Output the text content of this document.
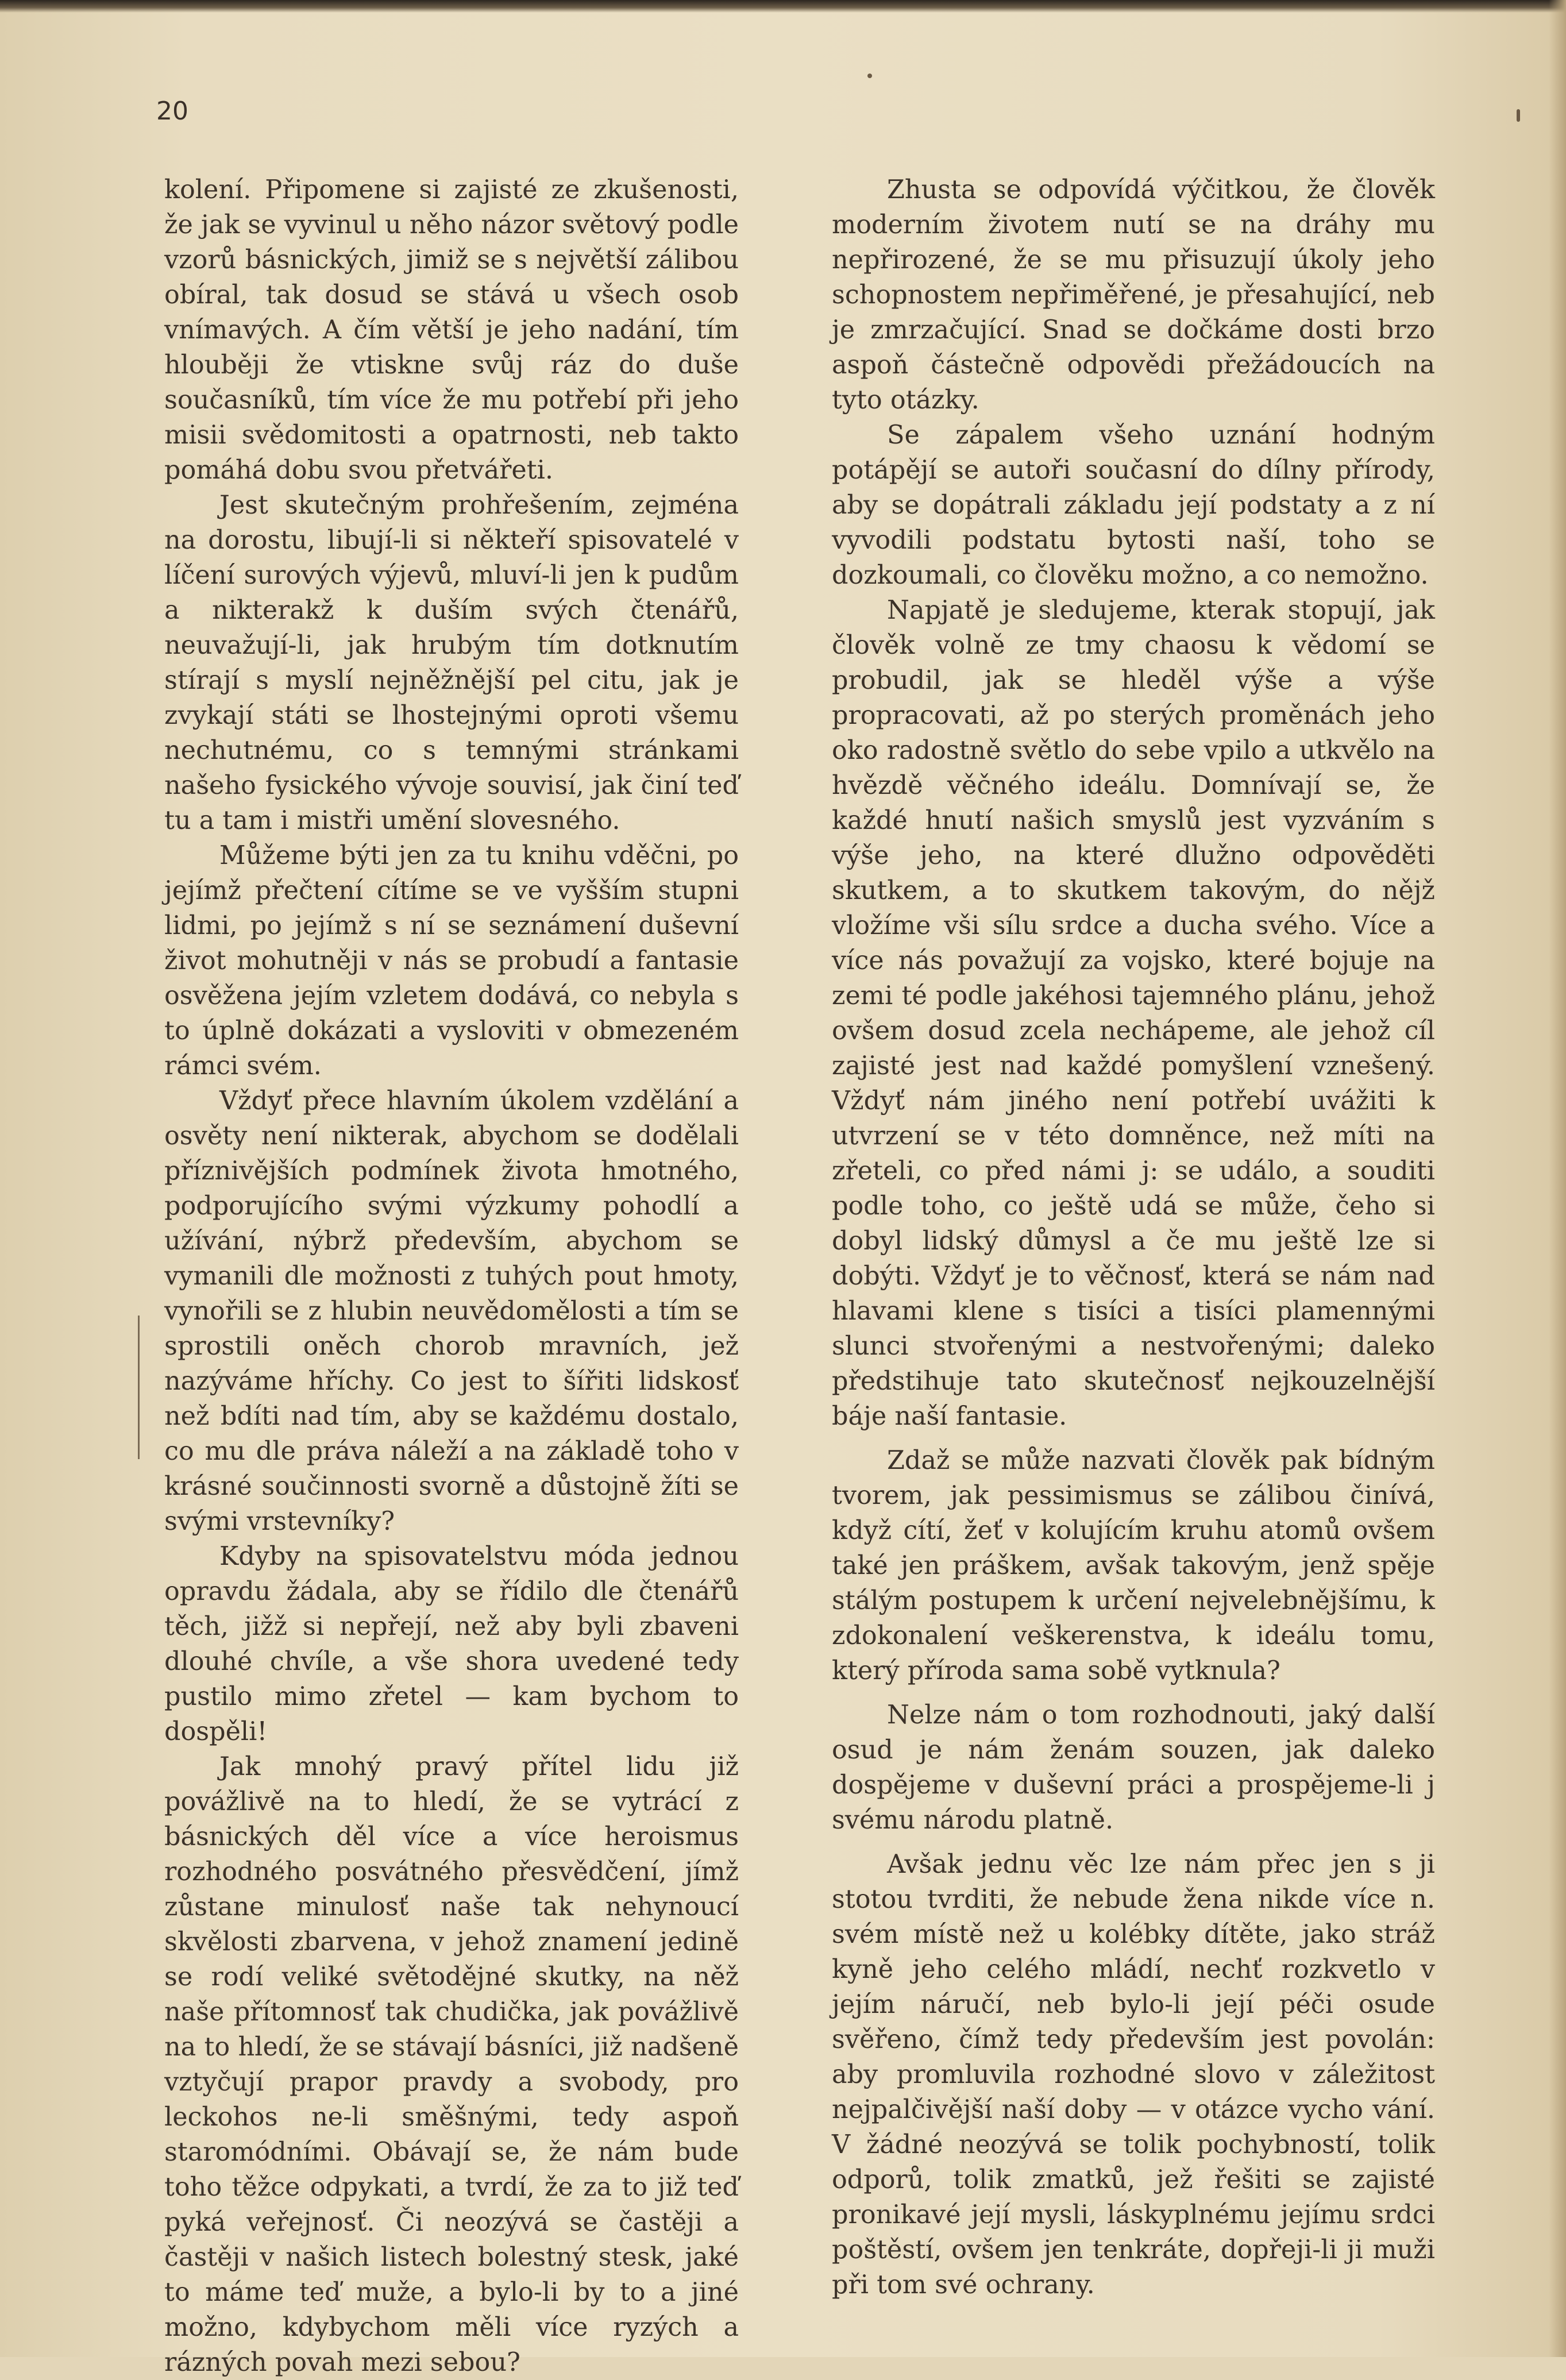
20

kolení. Připomene si zajisté ze zkušenosti, že jak se vyvinul u něho názor světový podle vzorů básnických, jimiž se s největší zálibou obíral, tak dosud se stává u všech osob vnímavých. A čím větší je jeho nadání, tím hlouběji že vtiskne svůj ráz do duše současníků, tím více že mu potřebí při jeho misii svědomitosti a opatrnosti, neb takto pomáhá dobu svou přetvářeti.

Jest skutečným prohřešením, zejména na dorostu, libují-li si někteří spisovatelé v líčení surových výjevů, mluví-li jen k pudům a nikterakž k duším svých čtenářů, neuvažují-li, jak hrubým tím dotknutím stírají s myslí nejněžnější pel citu, jak je zvykají státi se lhostejnými oproti všemu nechutnému, co s temnými stránkami našeho fysického vývoje souvisí, jak činí teď tu a tam i mistři umění slovesného.

Můžeme býti jen za tu knihu vděčni, po jejímž přečtení cítíme se ve vyšším stupni lidmi, po jejímž s ní se seznámení duševní život mohutněji v nás se probudí a fantasie osvěžena jejím vzletem dodává, co nebyla s to úplně dokázati a vysloviti v obmezeném rámci svém.

Vždyť přece hlavním úkolem vzdělání a osvěty není nikterak, abychom se dodělali příznivějších podmínek života hmotného, podporujícího svými výzkumy pohodlí a užívání, nýbrž především, abychom se vymanili dle možnosti z tuhých pout hmoty, vynořili se z hlubin neuvědomělosti a tím se sprostili oněch chorob mravních, jež nazýváme hříchy. Co jest to šířiti lidskosť než bdíti nad tím, aby se každému dostalo, co mu dle práva náleží a na základě toho v krásné součinnosti svorně a důstojně žíti se svými vrstevníky?

Kdyby na spisovatelstvu móda jednou opravdu žádala, aby se řídilo dle čtenářů těch, jižž si nepřejí, než aby byli zbaveni dlouhé chvíle, a vše shora uvedené tedy pustilo mimo zřetel — kam bychom to dospěli!

Jak mnohý pravý přítel lidu již povážlivě na to hledí, že se vytrácí z básnických děl více a více heroismus rozhodného posvátného přesvědčení, jímž zůstane minulosť naše tak nehynoucí skvělosti zbarvena, v jehož znamení jedině se rodí veliké světodějné skutky, na něž naše přítomnosť tak chudička, jak povážlivě na to hledí, že se stávají básníci, již nadšeně vztyčují prapor pravdy a svobody, pro leckohos ne-li směšnými, tedy aspoň staromódními. Obávají se, že nám bude toho těžce odpykati, a tvrdí, že za to již teď pyká veřejnosť. Či neozývá se častěji a častěji v našich listech bolestný stesk, jaké to máme teď muže, a bylo-li by to a jiné možno, kdybychom měli více ryzých a rázných povah mezi sebou?

Zhusta se odpovídá výčitkou, že člověk moderním životem nutí se na dráhy mu nepřirozené, že se mu přisuzují úkoly jeho schopnostem nepřiměřené, je přesahující, neb je zmrzačující. Snad se dočkáme dosti brzo aspoň částečně odpovědi přežádoucích na tyto otázky.

Se zápalem všeho uznání hodným potápějí se autoři současní do dílny přírody, aby se dopátrali základu její podstaty a z ní vyvodili podstatu bytosti naší, toho se dozkoumali, co člověku možno, a co nemožno.

Napjatě je sledujeme, kterak stopují, jak člověk volně ze tmy chaosu k vědomí se probudil, jak se hleděl výše a výše propracovati, až po sterých proměnách jeho oko radostně světlo do sebe vpilo a utkvělo na hvězdě věčného ideálu. Domnívají se, že každé hnutí našich smyslů jest vyzváním s výše jeho, na které dlužno odpověděti skutkem, a to skutkem takovým, do nějž vložíme vši sílu srdce a ducha svého. Více a více nás považují za vojsko, které bojuje na zemi té podle jakéhosi tajemného plánu, jehož ovšem dosud zcela nechápeme, ale jehož cíl zajisté jest nad každé pomyšlení vznešený. Vždyť nám jiného není potřebí uvážiti k utvrzení se v této domněnce, než míti na zřeteli, co před námi j: se událo, a souditi podle toho, co ještě udá se může, čeho si dobyl lidský důmysl a če mu ještě lze si dobýti. Vždyť je to věčnosť, která se nám nad hlavami klene s tisíci a tisíci plamennými slunci stvořenými a nestvořenými; daleko předstihuje tato skutečnosť nejkouzelnější báje naší fantasie.

Zdaž se může nazvati člověk pak bídným tvorem, jak pessimismus se zálibou činívá, když cítí, žeť v kolujícím kruhu atomů ovšem také jen práškem, avšak takovým, jenž spěje stálým postupem k určení nejvelebnějšímu, k zdokonalení veškerenstva, k ideálu tomu, který příroda sama sobě vytknula?

Nelze nám o tom rozhodnouti, jaký další osud je nám ženám souzen, jak daleko dospějeme v duševní práci a prospějeme-li j svému národu platně.

Avšak jednu věc lze nám přec jen s ji stotou tvrditi, že nebude žena nikde více n. svém místě než u kolébky dítěte, jako stráž kyně jeho celého mládí, nechť rozkvetlo v jejím náručí, neb bylo-li její péči osude svěřeno, čímž tedy především jest povolán: aby promluvila rozhodné slovo v záležitost nejpalčivější naší doby — v otázce vycho vání. V žádné neozývá se tolik pochybností, tolik odporů, tolik zmatků, jež řešiti se zajisté pronikavé její mysli, láskyplnému jejímu srdci poštěstí, ovšem jen tenkráte, dopřeji-li ji muži při tom své ochrany.
